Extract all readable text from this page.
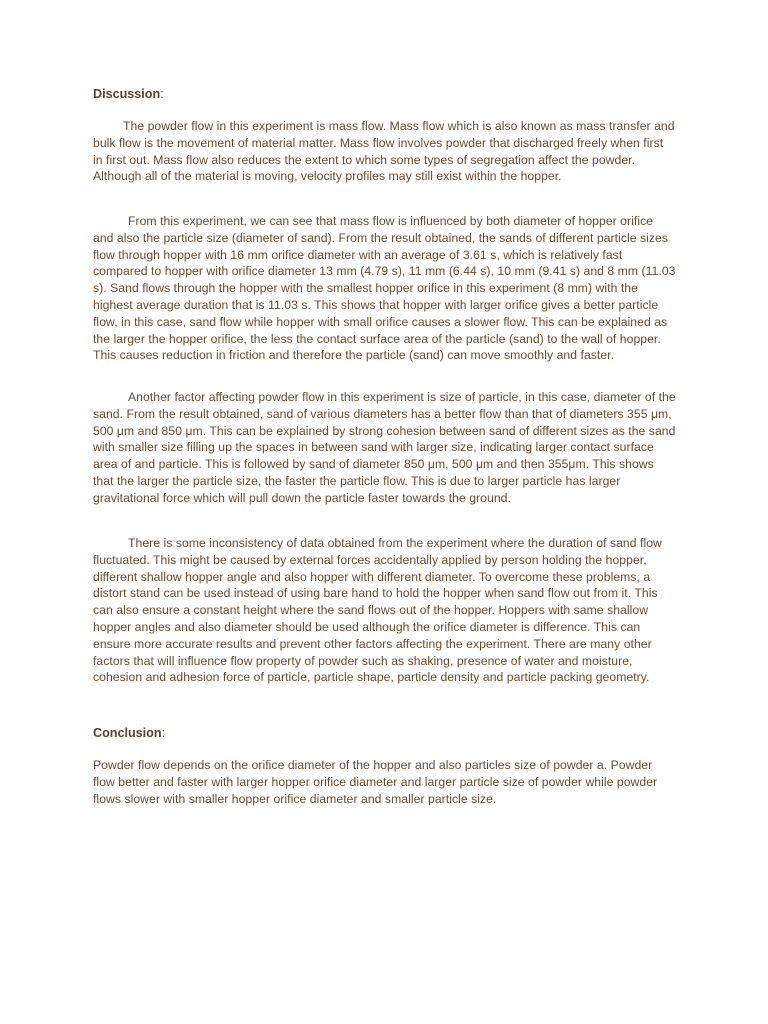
Discussion:

The powder flow in this experiment is mass flow. Mass flow which is also known as mass transfer and bulk flow is the movement of material matter. Mass flow involves powder that discharged freely when first in first out. Mass flow also reduces the extent to which some types of segregation affect the powder. Although all of the material is moving, velocity profiles may still exist within the hopper.

From this experiment, we can see that mass flow is influenced by both diameter of hopper orifice and also the particle size (diameter of sand). From the result obtained, the sands of different particle sizes flow through hopper with 16 mm orifice diameter with an average of 3.61 s, which is relatively fast compared to hopper with orifice diameter 13 mm (4.79 s), 11 mm (6.44 s), 10 mm (9.41 s) and 8 mm (11.03 s). Sand flows through the hopper with the smallest hopper orifice in this experiment (8 mm) with the highest average duration that is 11.03 s. This shows that hopper with larger orifice gives a better particle flow, in this case, sand flow while hopper with small orifice causes a slower flow. This can be explained as the larger the hopper orifice, the less the contact surface area of the particle (sand) to the wall of hopper. This causes reduction in friction and therefore the particle (sand) can move smoothly and faster.

Another factor affecting powder flow in this experiment is size of particle, in this case, diameter of the sand. From the result obtained, sand of various diameters has a better flow than that of diameters 355 μm, 500 μm and 850 μm. This can be explained by strong cohesion between sand of different sizes as the sand with smaller size filling up the spaces in between sand with larger size, indicating larger contact surface area of and particle. This is followed by sand of diameter 850 μm, 500 μm and then 355μm. This shows that the larger the particle size, the faster the particle flow. This is due to larger particle has larger gravitational force which will pull down the particle faster towards the ground.

There is some inconsistency of data obtained from the experiment where the duration of sand flow fluctuated. This might be caused by external forces accidentally applied by person holding the hopper, different shallow hopper angle and also hopper with different diameter. To overcome these problems, a distort stand can be used instead of using bare hand to hold the hopper when sand flow out from it. This can also ensure a constant height where the sand flows out of the hopper. Hoppers with same shallow hopper angles and also diameter should be used although the orifice diameter is difference. This can ensure more accurate results and prevent other factors affecting the experiment. There are many other factors that will influence flow property of powder such as shaking, presence of water and moisture, cohesion and adhesion force of particle, particle shape, particle density and particle packing geometry.

Conclusion:

Powder flow depends on the orifice diameter of the hopper and also particles size of powder a. Powder flow better and faster with larger hopper orifice diameter and larger particle size of powder while powder flows slower with smaller hopper orifice diameter and smaller particle size.
